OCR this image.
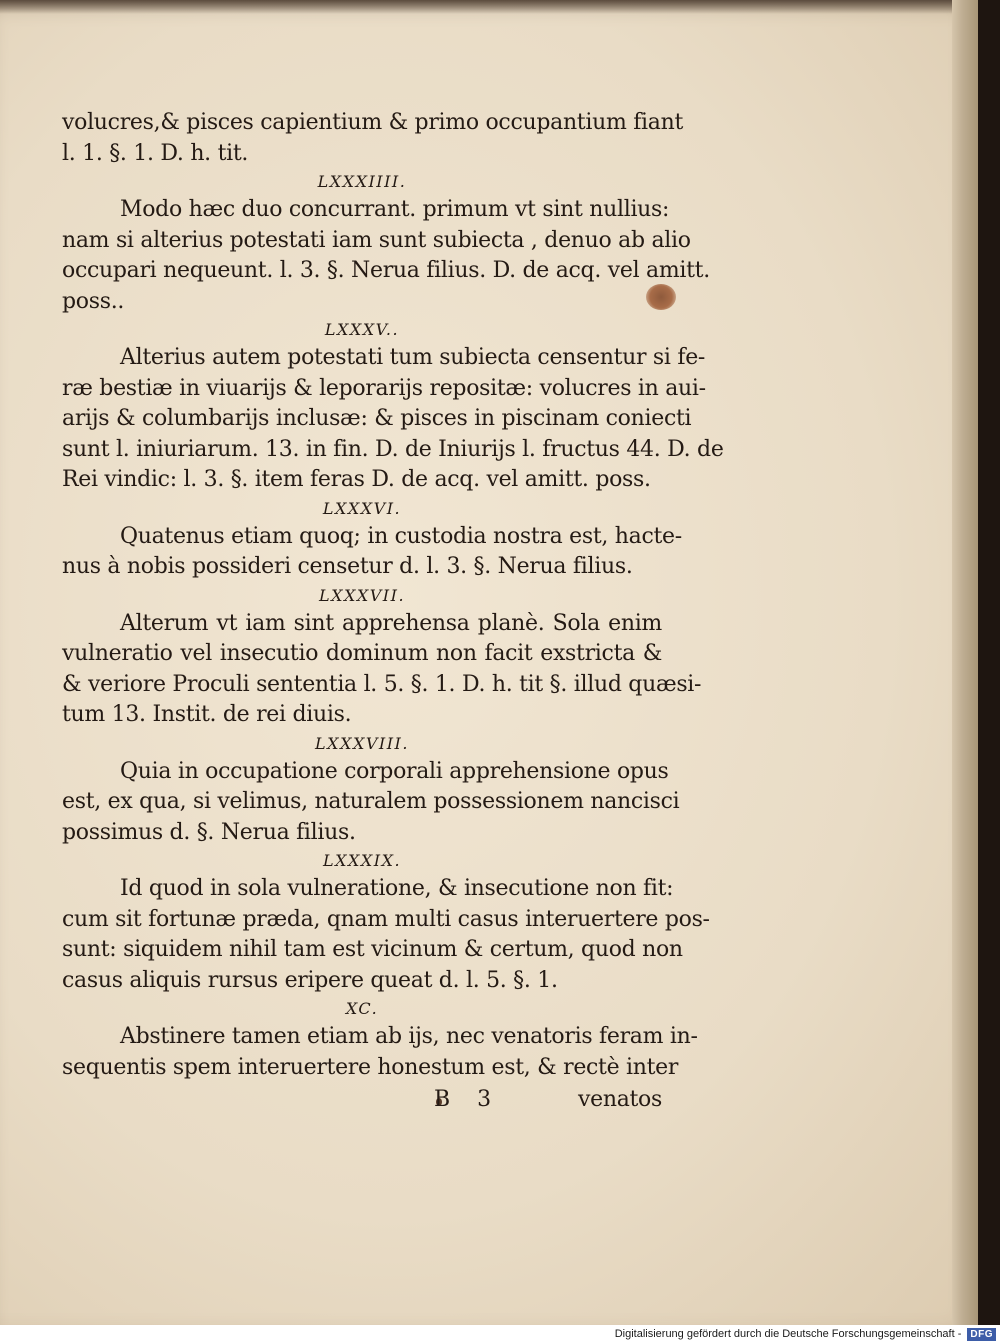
volucres,& pisces capientium & primo occupantium fiant
l. 1. §. 1. D. h. tit.
LXXXIIII.
Modo hæc duo concurrant. primum vt sint nullius:
nam si alterius potestati iam sunt subiecta , denuo ab alio
occupari nequeunt. l. 3. §. Nerua filius. D. de acq. vel amitt.
poss..
LXXXV..
Alterius autem potestati tum subiecta censentur si fe-
ræ bestiæ in viuarijs & leporarijs repositæ: volucres in aui-
arijs & columbarijs inclusæ: & pisces in piscinam coniecti
sunt l. iniuriarum. 13. in fin. D. de Iniurijs l. fructus 44. D. de
Rei vindic: l. 3. §. item feras D. de acq. vel amitt. poss.
LXXXVI.
Quatenus etiam quoq; in custodia nostra est, hacte-
nus à nobis possideri censetur d. l. 3. §. Nerua filius.
LXXXVII.
Alterum vt iam sint apprehensa planè. Sola enim
vulneratio vel insecutio dominum non facit exstricta &
& veriore Proculi sententia l. 5. §. 1. D. h. tit §. illud quæsi-
tum 13. Instit. de rei diuis.
LXXXVIII.
Quia in occupatione corporali apprehensione opus
est, ex qua, si velimus, naturalem possessionem nancisci
possimus d. §. Nerua filius.
LXXXIX.
Id quod in sola vulneratione, & insecutione non fit:
cum sit fortunæ præda, qnam multi casus interuertere pos-
sunt: siquidem nihil tam est vicinum & certum, quod non
casus aliquis rursus eripere queat d. l. 5. §. 1.
XC.
Abstinere tamen etiam ab ijs, nec venatoris feram in-
sequentis spem interuertere honestum est, & rectè inter
B 3	venatos
Digitalisierung gefördert durch die Deutsche Forschungsgemeinschaft - DFG
